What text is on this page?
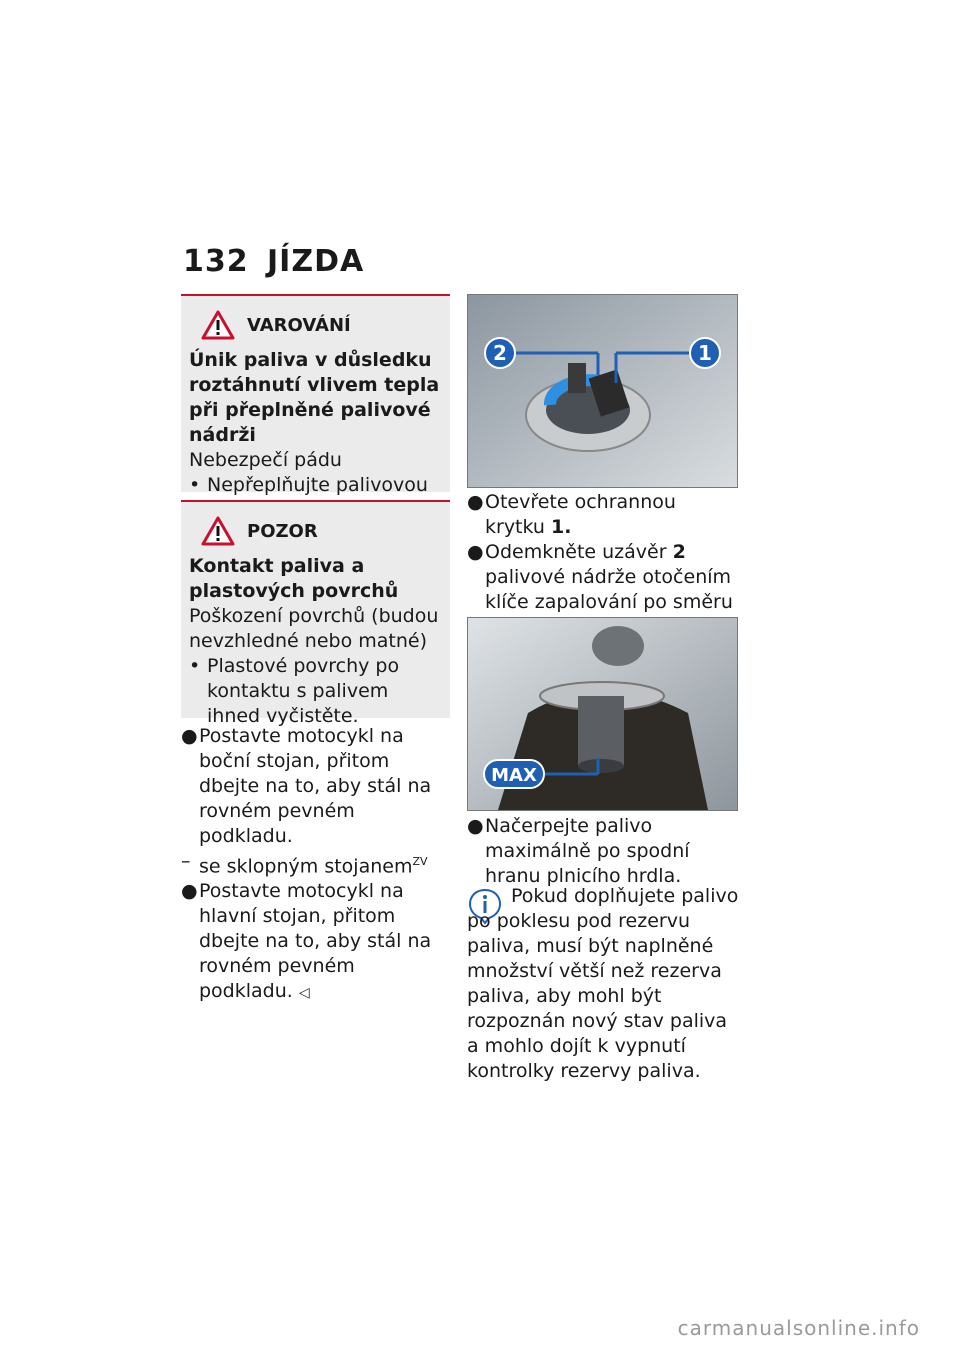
132 JÍZDA
VAROVÁNÍ
Únik paliva v důsledku roztáhnutí vlivem tepla při přeplněné palivové nádrži
Nebezpečí pádu
• Nepřeplňujte palivovou
POZOR
Kontakt paliva a plastových povrchů
Poškození povrchů (budou nevzhledné nebo matné)
• Plastové povrchy po kontaktu s palivem ihned vyčistěte.
● Postavte motocykl na boční stojan, přitom dbejte na to, aby stál na rovném pevném podkladu.
– se sklopným stojanem$^{ZV}$
● Postavte motocykl na hlavní stojan, přitom dbejte na to, aby stál na rovném pevném podkladu. ◁
2	1
● Otevřete ochrannou krytku 1.
● Odemkněte uzávěr 2 palivové nádrže otočením klíče zapalování po směru
MAX
● Načerpejte palivo maximálně po spodní hranu plnicího hrdla.
Pokud doplňujete palivo po poklesu pod rezervu paliva, musí být naplněné množství větší než rezerva paliva, aby mohl být rozpoznán nový stav paliva a mohlo dojít k vypnutí kontrolky rezervy paliva.
carmanualsonline.info
